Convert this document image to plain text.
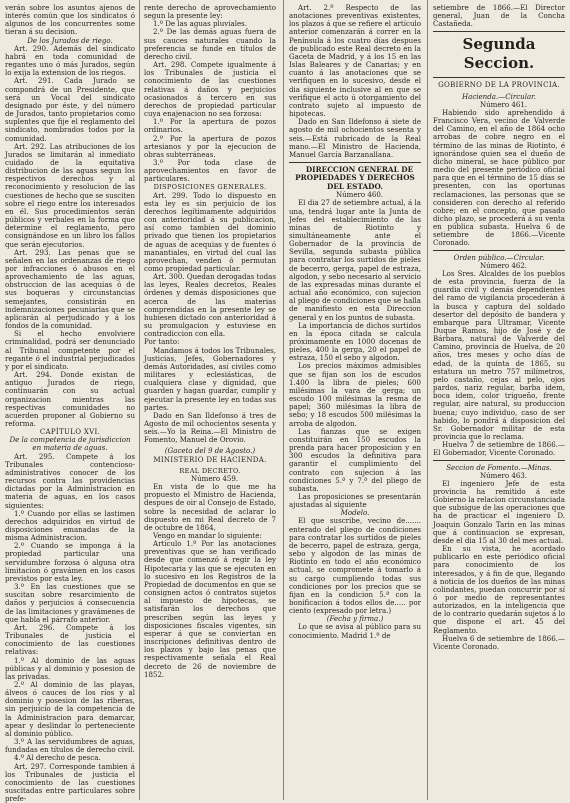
verán sobre los asuntos ajenos de interés común que los sindicatos ó algunos de los concurrentes some tieran á su decision.

De los Jurados de riego.

Art. 290. Además del sindicato habrá en toda comunidad de regantes uno ó más Jurados, según lo exija la extension de los riegos.

Art. 291. Cada Jurado se compondrá de un Presidente, que será un Vocal del sindicato designado por éste, y del número de Jurados, tanto propietarios como suplentes que fije el reglamento del sindicato, nombrados todos por la comunidad.

Art. 292. Las atribuciones de los Jurados se limitarán al inmediato cuidado de la equitativa distribucion de las aguas segun los respectivos derechos y al reconocimiento y resolucion de las cuestiones de hecho que se susciten sobre el riego entre los interesados en él. Sus procedimientos serán públicos y verbales en la forma que determine el reglamento, pero consignándose en un libro los fallos que serán ejecutorios.

Art. 293. Las penas que se señalen en las ordenanzas de riego por infracciones ó abusos en el aprovechamiento de las aguas, obstruccion de las acequias ó de sus boqueras y circunstancias semejantes, consistirán en indemnizaciones pecuniarias que se aplicarán al perjudicado y á los fondos de la comunidad.

Si el hecho envolviere criminalidad, podrá ser denunciado al Tribunal competente por el regante ó el industrial perjudicados y por el sindicato.

Art. 294. Donde existan de antiguo Jurados de riego, continuarán con su actual organizacion mientras las respectivas comunidades no acuerden proponer al Gobierno su reforma.

CAPÍTULO XVI.

De la competencia de jurisdiccion en materia de aguas.

Art. 295. Compete á los Tribunales contencioso-administrativos conocer de los recursos contra las providencias dictadas por la Administracion en materia de aguas, en los casos siguientes:

1.º Cuando por ellas se lastimen derechos adquiridos en virtud de disposiciones emanadas de la misma Administracion.

2.º Cuando se imponga á la propiedad particular una servidumbre forzosa ó alguna otra limitacion ó gravámen en los casos previstos por esta ley.

3.º En las cuestiones que se suscitan sobre resarcimiento de daños y perjuicios á consecuencia de las limitaciones y gravámenes de que habla el párrafo anterior.

Art. 296. Compete á los Tribunales de justicia el conocimiento de las cuestiones relativas:

1.º Al dominio de las aguas públicas y al dominio y posesion de las privadas.

2.º Al dominio de las playas, álveos ó cauces de los ríos y al dominio y posesion de las riberas, sin perjuicio de la competencia de la Administracion para demarcar, apear y deslindar lo perteneciente al dominio público.

3.º A las servidumbres de aguas, fundadas en títulos de derecho civil.

4.º Al derecho de pesca.

Art. 297. Corresponde tambien á los Tribunales de justicia el conocimiento de las cuestiones suscitadas entre particulares sobre prefe-

rente derecho de aprovechamiento segun la presente ley:

1.º De las aguas pluviales.

2.º De las demás aguas fuera de sus cauces naturales cuando la preferencia se funde en títulos de derecho civil.

Art. 298. Compete igualmente á los Tribunales de justicia el conocimiento de las cuestiones relativas á daños y perjuicios ocasionados á tercero en sus derechos de propiedad particular cuya enajenacion no sea forzosa:

1.º Por la apertura de pozos ordinarios.

2.º Por la apertura de pozos artesianos y por la ejecucion de obras subterráneas.

3.º Por toda clase de aprovechamientos en favor de particulares.

DISPOSICIONES GENERALES.

Art. 299. Todo lo dispuesto en esta ley es sin perjuicio de los derechos legítimamente adquiridos con anterioridad á su publicacion, así como tambien del dominio privado que tienen los propietarios de aguas de acequias y de fuentes ó manantiales, en virtud del cual las aprovechan, venden ó permutan como propiedad particular.

Art. 300. Quedan derogadas todas las leyes, Reales decretos, Reales órdenes y demás disposiciones que acerca de las materias comprendidas en la presente ley se hubiesen dictado con anterioridad á su promulgacion y estuviese en contradiccion con ella.

Por tanto:

Mandamos á todos los Tribunales, Justicias, Jefes, Gobernadores y demás Autoridades, así civiles como militares y eclesiásticas, de cualquiera clase y dignidad, que guarden y hagan guardar, cumplir y ejecutar la presente ley en todas sus partes.

Dado en San Ildefonso á tres de Agosto de mil ochocientos sesenta y seis.—Yo la Reina.—El Ministro de Fomento, Manuel de Orovio.

(Gaceta del 9 de Agosto.)

MINISTERIO DE HACIENDA.

REAL DECRETO.

Número 459.

En vista de lo que me ha propuesto el Ministro de Hacienda, despues de oir al Consejo de Estado, sobre la necesidad de aclarar lo dispuesto en mi Real decreto de 7 de octubre de 1864,

Vengo en mandar lo siguiente:

Artículo 1.º Por las anotaciones preventivas que se han verificado desde que comenzó á regir la ley Hipotecaria y las que se ejecuten en lo sucesivo en los Registros de la Propiedad de documentos en que se consignen actos ó contratos sujetos al impuesto de hipotecas, se satisfarán los derechos que prescriben según las leyes y disposiciones fiscales vigentes, sin esperar á que se conviertan en inscripciones definitivas dentro de los plazos y bajo las penas que respectivamente señala el Real decreto de 26 de noviembre de 1852.

Art. 2.º Respecto de las anotaciones preventivas existentes, los plazos á que se refiere el artículo anterior comenzarán á correr en la Península á los cuatro días despues de publicado este Real decreto en la Gaceta de Madrid, y á los 15 en las Islas Baleares y de Canarias; y en cuanto á las anotaciones que se verifiquen en lo sucesivo, desde el dia siguiente inclusive al en que se verifique el acto ú otorgamiento del contrato sujeto al impuesto de hipotecas.

Dado en San Ildefonso á siete de agosto de mil ochocientos sesenta y seis.—Está rubricado de la Real mano.—El Ministro de Hacienda, Manuel García Barzanallana.

DIRECCION GENERAL DE PROPIEDADES Y DERECHOS DEL ESTADO.

Número 460.

El dia 27 de setiembre actual, á la una, tendrá lugar ante la Junta de Jefes del establecimiento de las minas de Riotinto y simultáneamente ante el Gobernador de la provincia de Sevilla, segunda subasta pública para contratar los surtidos de pieles de becerro, gerga, papel de estraza, algodon, y sebo necesario al servicio de las expresadas minas durante el actual año económico, con sujecion al pliego de condiciones que se halla de manifiesto en esta Direccion general y en los puntos de subasta.

La importancia de dichos surtidos en la época citada se calcula próximamente en 1000 docenas de pieles, 400 la gerga, 20 el papel de estraza, 150 el sebo y algodon.

Los precios máximos admisibles que se fijan son los de escudos 1.400 la libra de pieles; 600 milésimas la vara de gerga; un escudo 100 milésimas la resma de papel; 360 milésimas la libra de sebo; y 18 escudos 500 milésimas la arroba de algodon.

Las fianzas que se exigen constituirán en 150 escudos la prenda para hacer proposicion y en 300 escudos la definitiva para garantir el cumplimiento del contrato con sujecion á las condiciones 5.ª y 7.ª del pliego de subasta.

Las proposiciones se presentarán ajustadas al siguiente

Modelo.

El que suscribe, vecino de....... enterado del pliego de condiciones para contratar los surtidos de pieles de becerro, papel de estraza, gerga, sebo y algodon de las minas de Riotinto en todo el año económico actual, se compromete á tomarlo á su cargo cumpliendo todas sus condiciones por los precios que se fijan en la condicion 5.ª con la bonificacion á todos ellos de..... por ciento (expresado por letra.)

(Fecha y firma.)

Lo que se avisa al público para su conocimiento. Madrid 1.º de

setiembre de 1866.—El Director general, Juan de la Concha Castañeda.

Segunda Seccion.

GOBIERNO DE LA PROVINCIA.

Hacienda.—Circular.

Número 461.

Habiendo sido aprehendido á Francisco Vera, vecino de Valverde del Camino, en el año de 1864 ocho arrobas de cobre negro en el término de las minas de Riotinto, é ignorándose quien sea el dueño de dicho mineral, se hace público por medio del presente periódico oficial para que en el término de 15 días se presenten, con las oportunas reclamaciones, las personas que se consideren con derecho al referido cobre; en el concepto, que pasado dicho plazo, se procederá á su venta en pública subasta. Huelva 6 de setiembre de 1866.—Vicente Coronado.

Orden público.—Circular.

Número 462.

Los Sres. Alcaldes de los pueblos de esta provincia, fuerza de la guardia civil y demás dependientes del ramo de vigilancia procederán á la busca y captura del soldado desertor del depósito de bandera y embarque para Ultramar, Vicente Duque Ramos, hijo de José y de Bárbara, natural de Valverde del Camino, provincia de Huelva, de 20 años, tres meses y ocho días de edad, de la quinta de 1865, su estatura un metro 757 milímetros, pelo castaño, cejas al pelo, ojos pardos, nariz regular, barba idem, boca idem, color trigueño, frente regular, aire natural, su produccion buena; cuyo individuo, caso de ser habido, lo pondrá á disposicion del Sr. Gobernador militar de esta provincia que lo reclama.

Huelva 7 de setiembre de 1866.—El Gobernador, Vicente Coronado.

Seccion de Fomento.—Minas.

Número 463.

El ingeniero Jefe de esta provincia ha remitido á este Gobierno la relacion circunstanciada que subsigue de las operaciones que ha de practicar el ingeniero D. Joaquin Gonzalo Tarin en las minas que á continuacion se expresan, desde el dia 15 al 30 del mes actual.

En su vista, he acordado publicarlo en este periódico oficial para conocimiento de los interesados, y á fin de que, llegando á noticia de los dueños de las minas colindantes, puedan concurrir por sí ó por medio de representantes autorizados, en la inteligencia que de lo contrario quedarán sujetos á lo que dispone el art. 45 del Reglamento.

Huelva 6 de setiembre de 1866.—Vicente Coronado.
